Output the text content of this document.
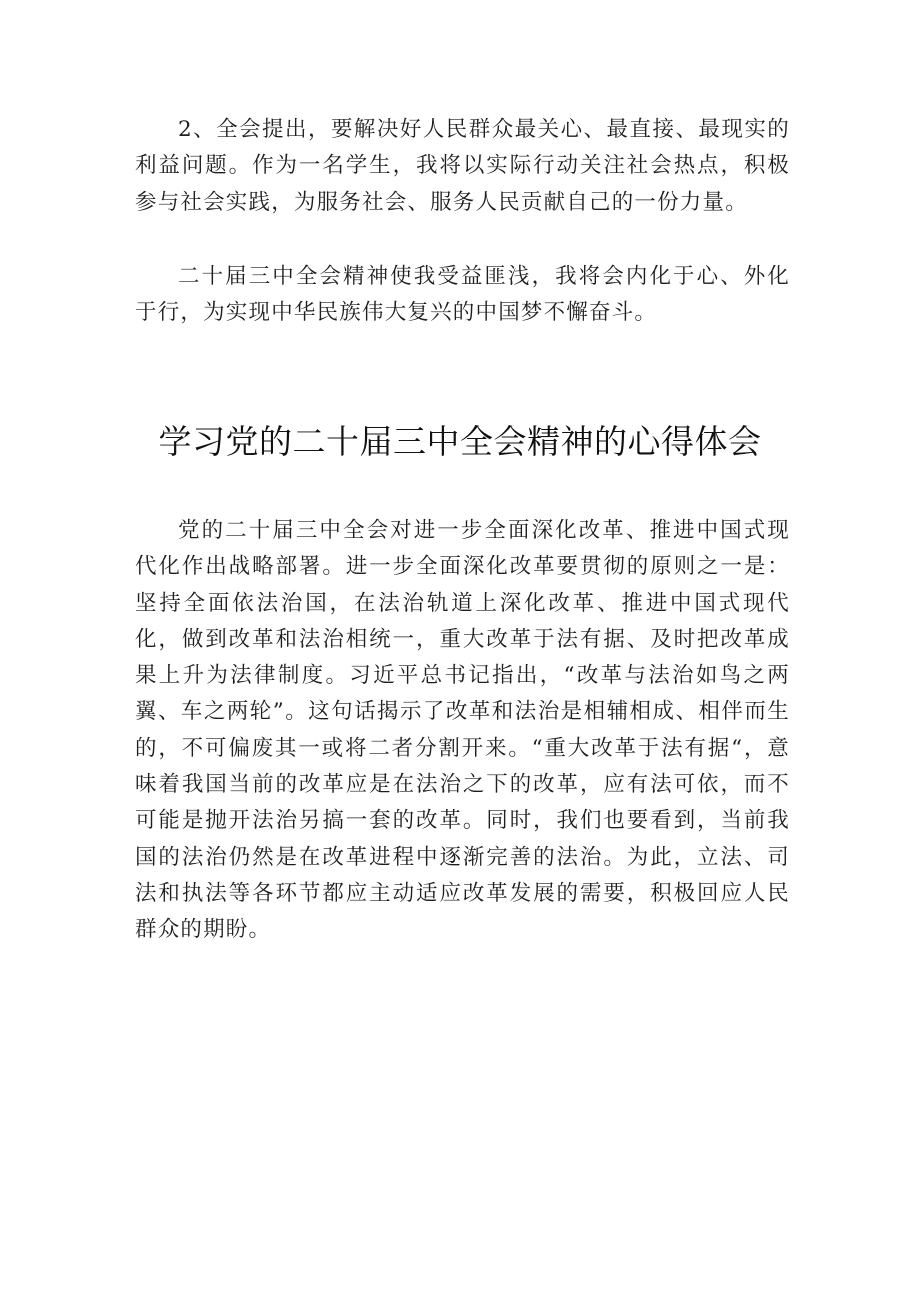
2、全会提出，要解决好人民群众最关心、最直接、最现实的利益问题。作为一名学生，我将以实际行动关注社会热点，积极参与社会实践，为服务社会、服务人民贡献自己的一份力量。

二十届三中全会精神使我受益匪浅，我将会内化于心、外化于行，为实现中华民族伟大复兴的中国梦不懈奋斗。

学习党的二十届三中全会精神的心得体会

党的二十届三中全会对进一步全面深化改革、推进中国式现代化作出战略部署。进一步全面深化改革要贯彻的原则之一是：坚持全面依法治国，在法治轨道上深化改革、推进中国式现代化，做到改革和法治相统一，重大改革于法有据、及时把改革成果上升为法律制度。习近平总书记指出，“改革与法治如鸟之两翼、车之两轮”。这句话揭示了改革和法治是相辅相成、相伴而生的，不可偏废其一或将二者分割开来。“重大改革于法有据“，意味着我国当前的改革应是在法治之下的改革，应有法可依，而不可能是抛开法治另搞一套的改革。同时，我们也要看到，当前我国的法治仍然是在改革进程中逐渐完善的法治。为此，立法、司法和执法等各环节都应主动适应改革发展的需要，积极回应人民群众的期盼。
